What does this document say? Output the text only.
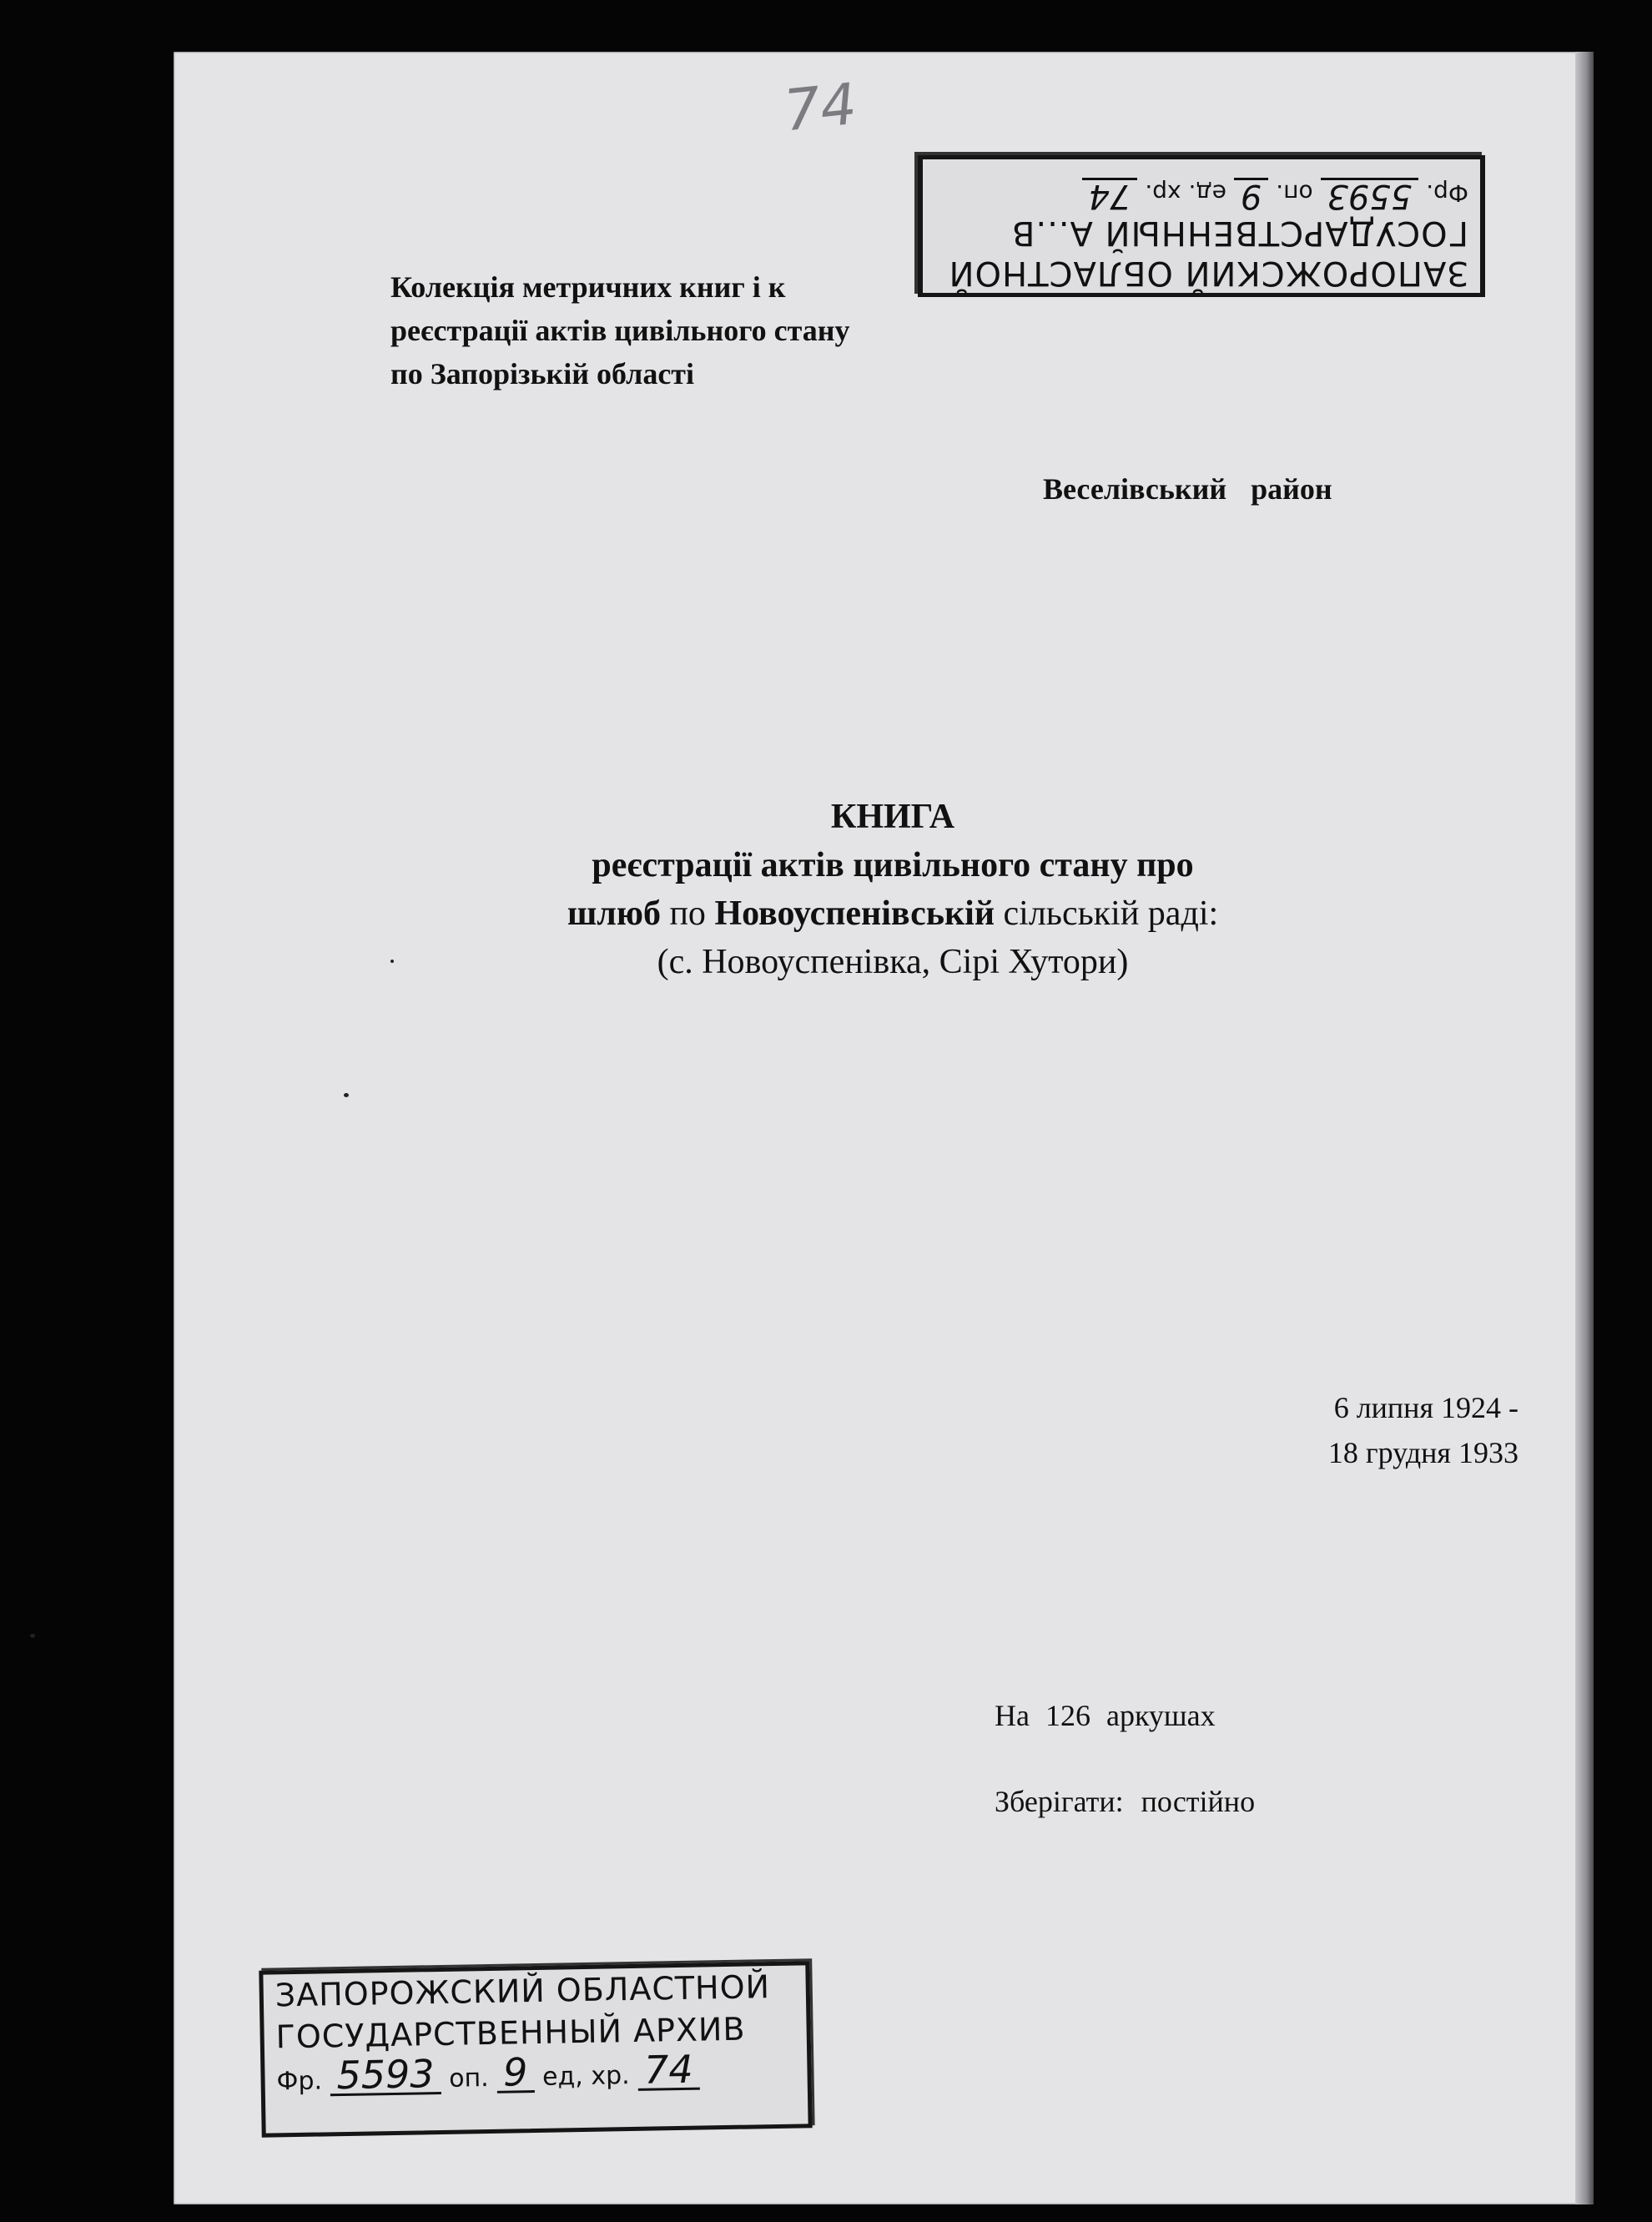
74
ЗАПОРОЖСКИЙ ОБЛАСТНОЙ
ГОСУДАРСТВЕННЫЙ А...В
Фр. 5593 оп. 9 ед. хр. 74
Колекція метричних книг і к
реєстрації актів цивільного стану
по Запорізькій області
Веселівський район
КНИГА
реєстрації актів цивільного стану про
шлюб по Новоуспенівській сільській раді:
(с. Новоуспенівка, Сірі Хутори)
6 липня 1924 -
18 грудня 1933
На 126 аркушах
Зберігати: постійно
ЗАПОРОЖСКИЙ ОБЛАСТНОЙ
ГОСУДАРСТВЕННЫЙ АРХИВ
Фр. 5593 оп. 9 ед, хр. 74
